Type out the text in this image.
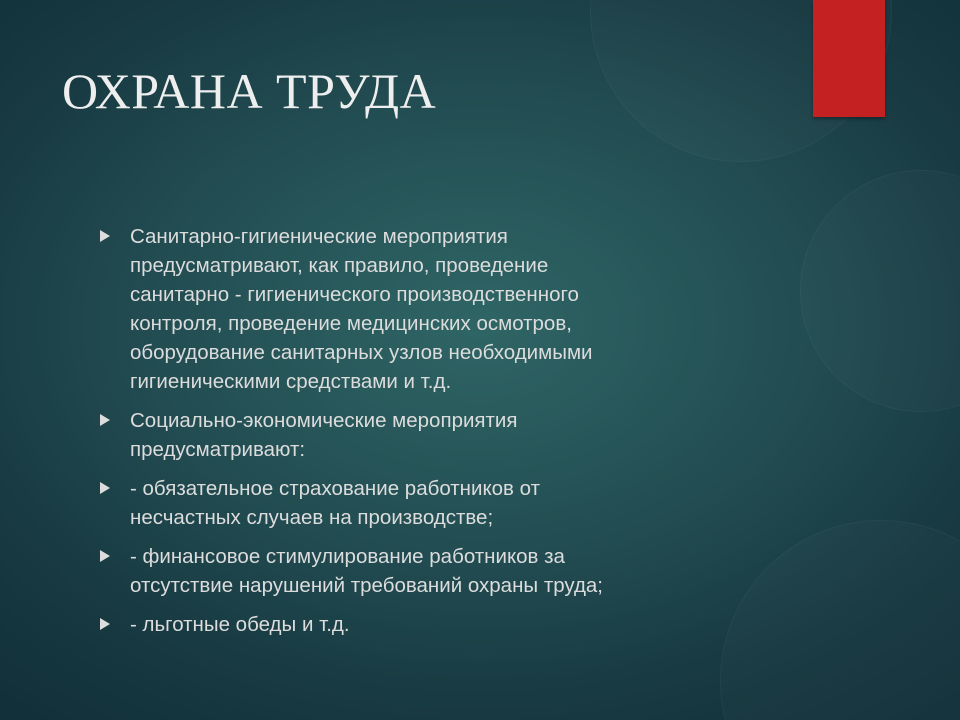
ОХРАНА ТРУДА
Санитарно-гигиенические мероприятия
предусматривают, как правило, проведение
санитарно - гигиенического производственного
контроля, проведение медицинских осмотров,
оборудование санитарных узлов необходимыми
гигиеническими средствами и т.д.
Социально-экономические мероприятия
предусматривают:
- обязательное страхование работников от
несчастных случаев на производстве;
- финансовое стимулирование работников за
отсутствие нарушений требований охраны труда;
- льготные обеды и т.д.
